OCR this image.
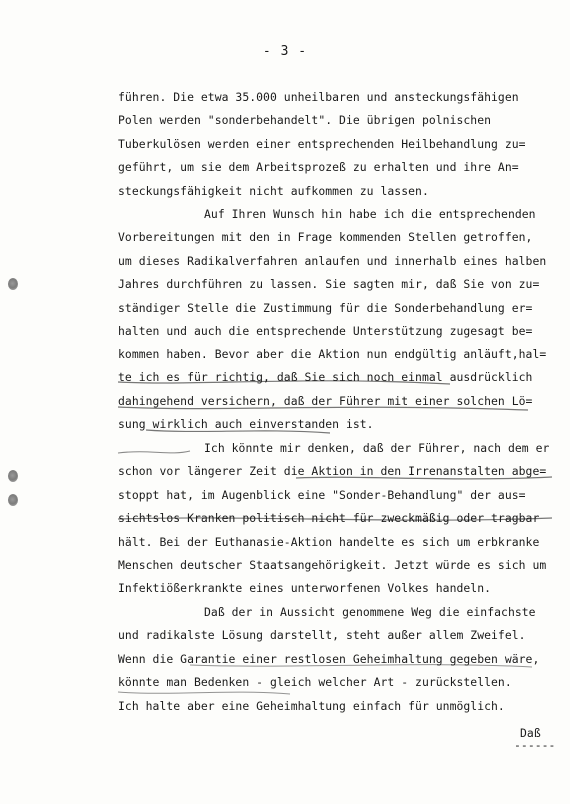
- 3 -
führen. Die etwa 35.000 unheilbaren und ansteckungsfähigen
Polen werden "sonderbehandelt". Die übrigen polnischen
Tuberkulösen werden einer entsprechenden Heilbehandlung zu=
geführt, um sie dem Arbeitsprozeß zu erhalten und ihre An=
steckungsfähigkeit nicht aufkommen zu lassen.
Auf Ihren Wunsch hin habe ich die entsprechenden
Vorbereitungen mit den in Frage kommenden Stellen getroffen,
um dieses Radikalverfahren anlaufen und innerhalb eines halben
Jahres durchführen zu lassen. Sie sagten mir, daß Sie von zu=
ständiger Stelle die Zustimmung für die Sonderbehandlung er=
halten und auch die entsprechende Unterstützung zugesagt be=
kommen haben. Bevor aber die Aktion nun endgültig anläuft,hal=
te ich es für richtig, daß Sie sich noch einmal ausdrücklich
dahingehend versichern, daß der Führer mit einer solchen Lö=
sung wirklich auch einverstanden ist.
Ich könnte mir denken, daß der Führer, nach dem er
schon vor längerer Zeit die Aktion in den Irrenanstalten abge=
stoppt hat, im Augenblick eine "Sonder-Behandlung" der aus=
sichtslos Kranken politisch nicht für zweckmäßig oder tragbar
hält. Bei der Euthanasie-Aktion handelte es sich um erbkranke
Menschen deutscher Staatsangehörigkeit. Jetzt würde es sich um
Infektiößerkrankte eines unterworfenen Volkes handeln.
Daß der in Aussicht genommene Weg die einfachste
und radikalste Lösung darstellt, steht außer allem Zweifel.
Wenn die Garantie einer restlosen Geheimhaltung gegeben wäre,
könnte man Bedenken - gleich welcher Art - zurückstellen.
Ich halte aber eine Geheimhaltung einfach für unmöglich.
Daß
------
